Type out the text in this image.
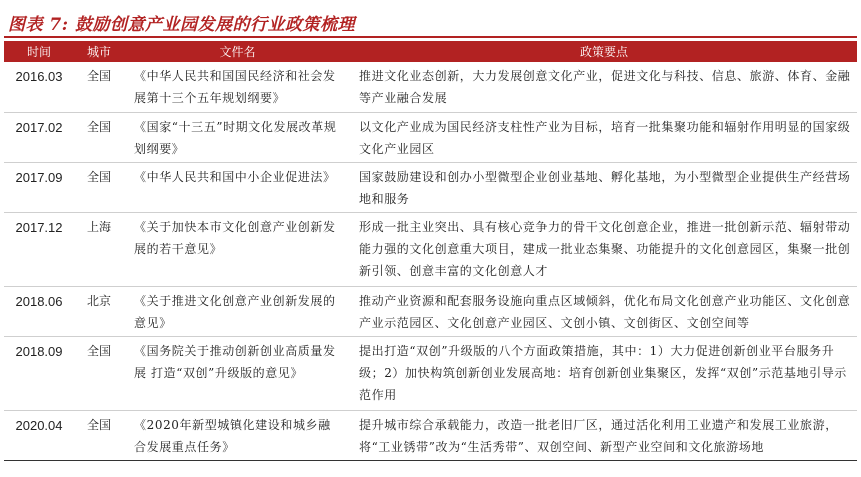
图表 7: 鼓励创意产业园发展的行业政策梳理
时间	城市	文件名	政策要点
2016.03	全国	《中华人民共和国国民经济和社会发展第十三个五年规划纲要》	推进文化业态创新，大力发展创意文化产业，促进文化与科技、信息、旅游、体育、金融等产业融合发展
2017.02	全国	《国家“十三五”时期文化发展改革规划纲要》	以文化产业成为国民经济支柱性产业为目标，培育一批集聚功能和辐射作用明显的国家级文化产业园区
2017.09	全国	《中华人民共和国中小企业促进法》	国家鼓励建设和创办小型微型企业创业基地、孵化基地，为小型微型企业提供生产经营场地和服务
2017.12	上海	《关于加快本市文化创意产业创新发展的若干意见》	形成一批主业突出、具有核心竞争力的骨干文化创意企业，推进一批创新示范、辐射带动能力强的文化创意重大项目，建成一批业态集聚、功能提升的文化创意园区，集聚一批创新引领、创意丰富的文化创意人才
2018.06	北京	《关于推进文化创意产业创新发展的意见》	推动产业资源和配套服务设施向重点区域倾斜，优化布局文化创意产业功能区、文化创意产业示范园区、文化创意产业园区、文创小镇、文创街区、文创空间等
2018.09	全国	《国务院关于推动创新创业高质量发展 打造“双创”升级版的意见》	提出打造“双创”升级版的八个方面政策措施，其中：1）大力促进创新创业平台服务升级；2）加快构筑创新创业发展高地：培育创新创业集聚区，发挥“双创”示范基地引导示范作用
2020.04	全国	《2020年新型城镇化建设和城乡融合发展重点任务》	提升城市综合承载能力，改造一批老旧厂区，通过活化利用工业遗产和发展工业旅游，将“工业锈带”改为“生活秀带”、双创空间、新型产业空间和文化旅游场地
